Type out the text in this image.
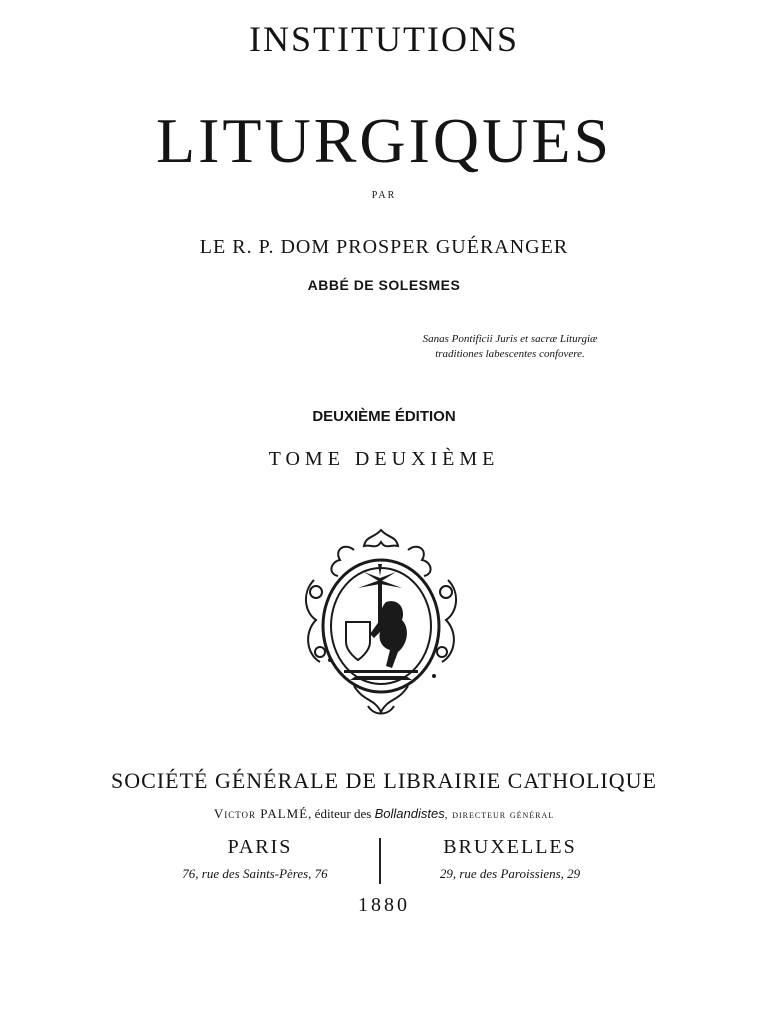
INSTITUTIONS
LITURGIQUES
PAR
LE R. P. DOM PROSPER GUÉRANGER
ABBÉ DE SOLESMES
Sanas Pontificii Juris et sacræ Liturgiæ
traditiones labescentes confovere.
DEUXIÈME ÉDITION
TOME DEUXIÈME
SOCIÉTÉ GÉNÉRALE DE LIBRAIRIE CATHOLIQUE
Victor PALMÉ, éditeur des Bollandistes, directeur général
PARIS	BRUXELLES
76, rue des Saints-Pères, 76	29, rue des Paroissiens, 29
1880
